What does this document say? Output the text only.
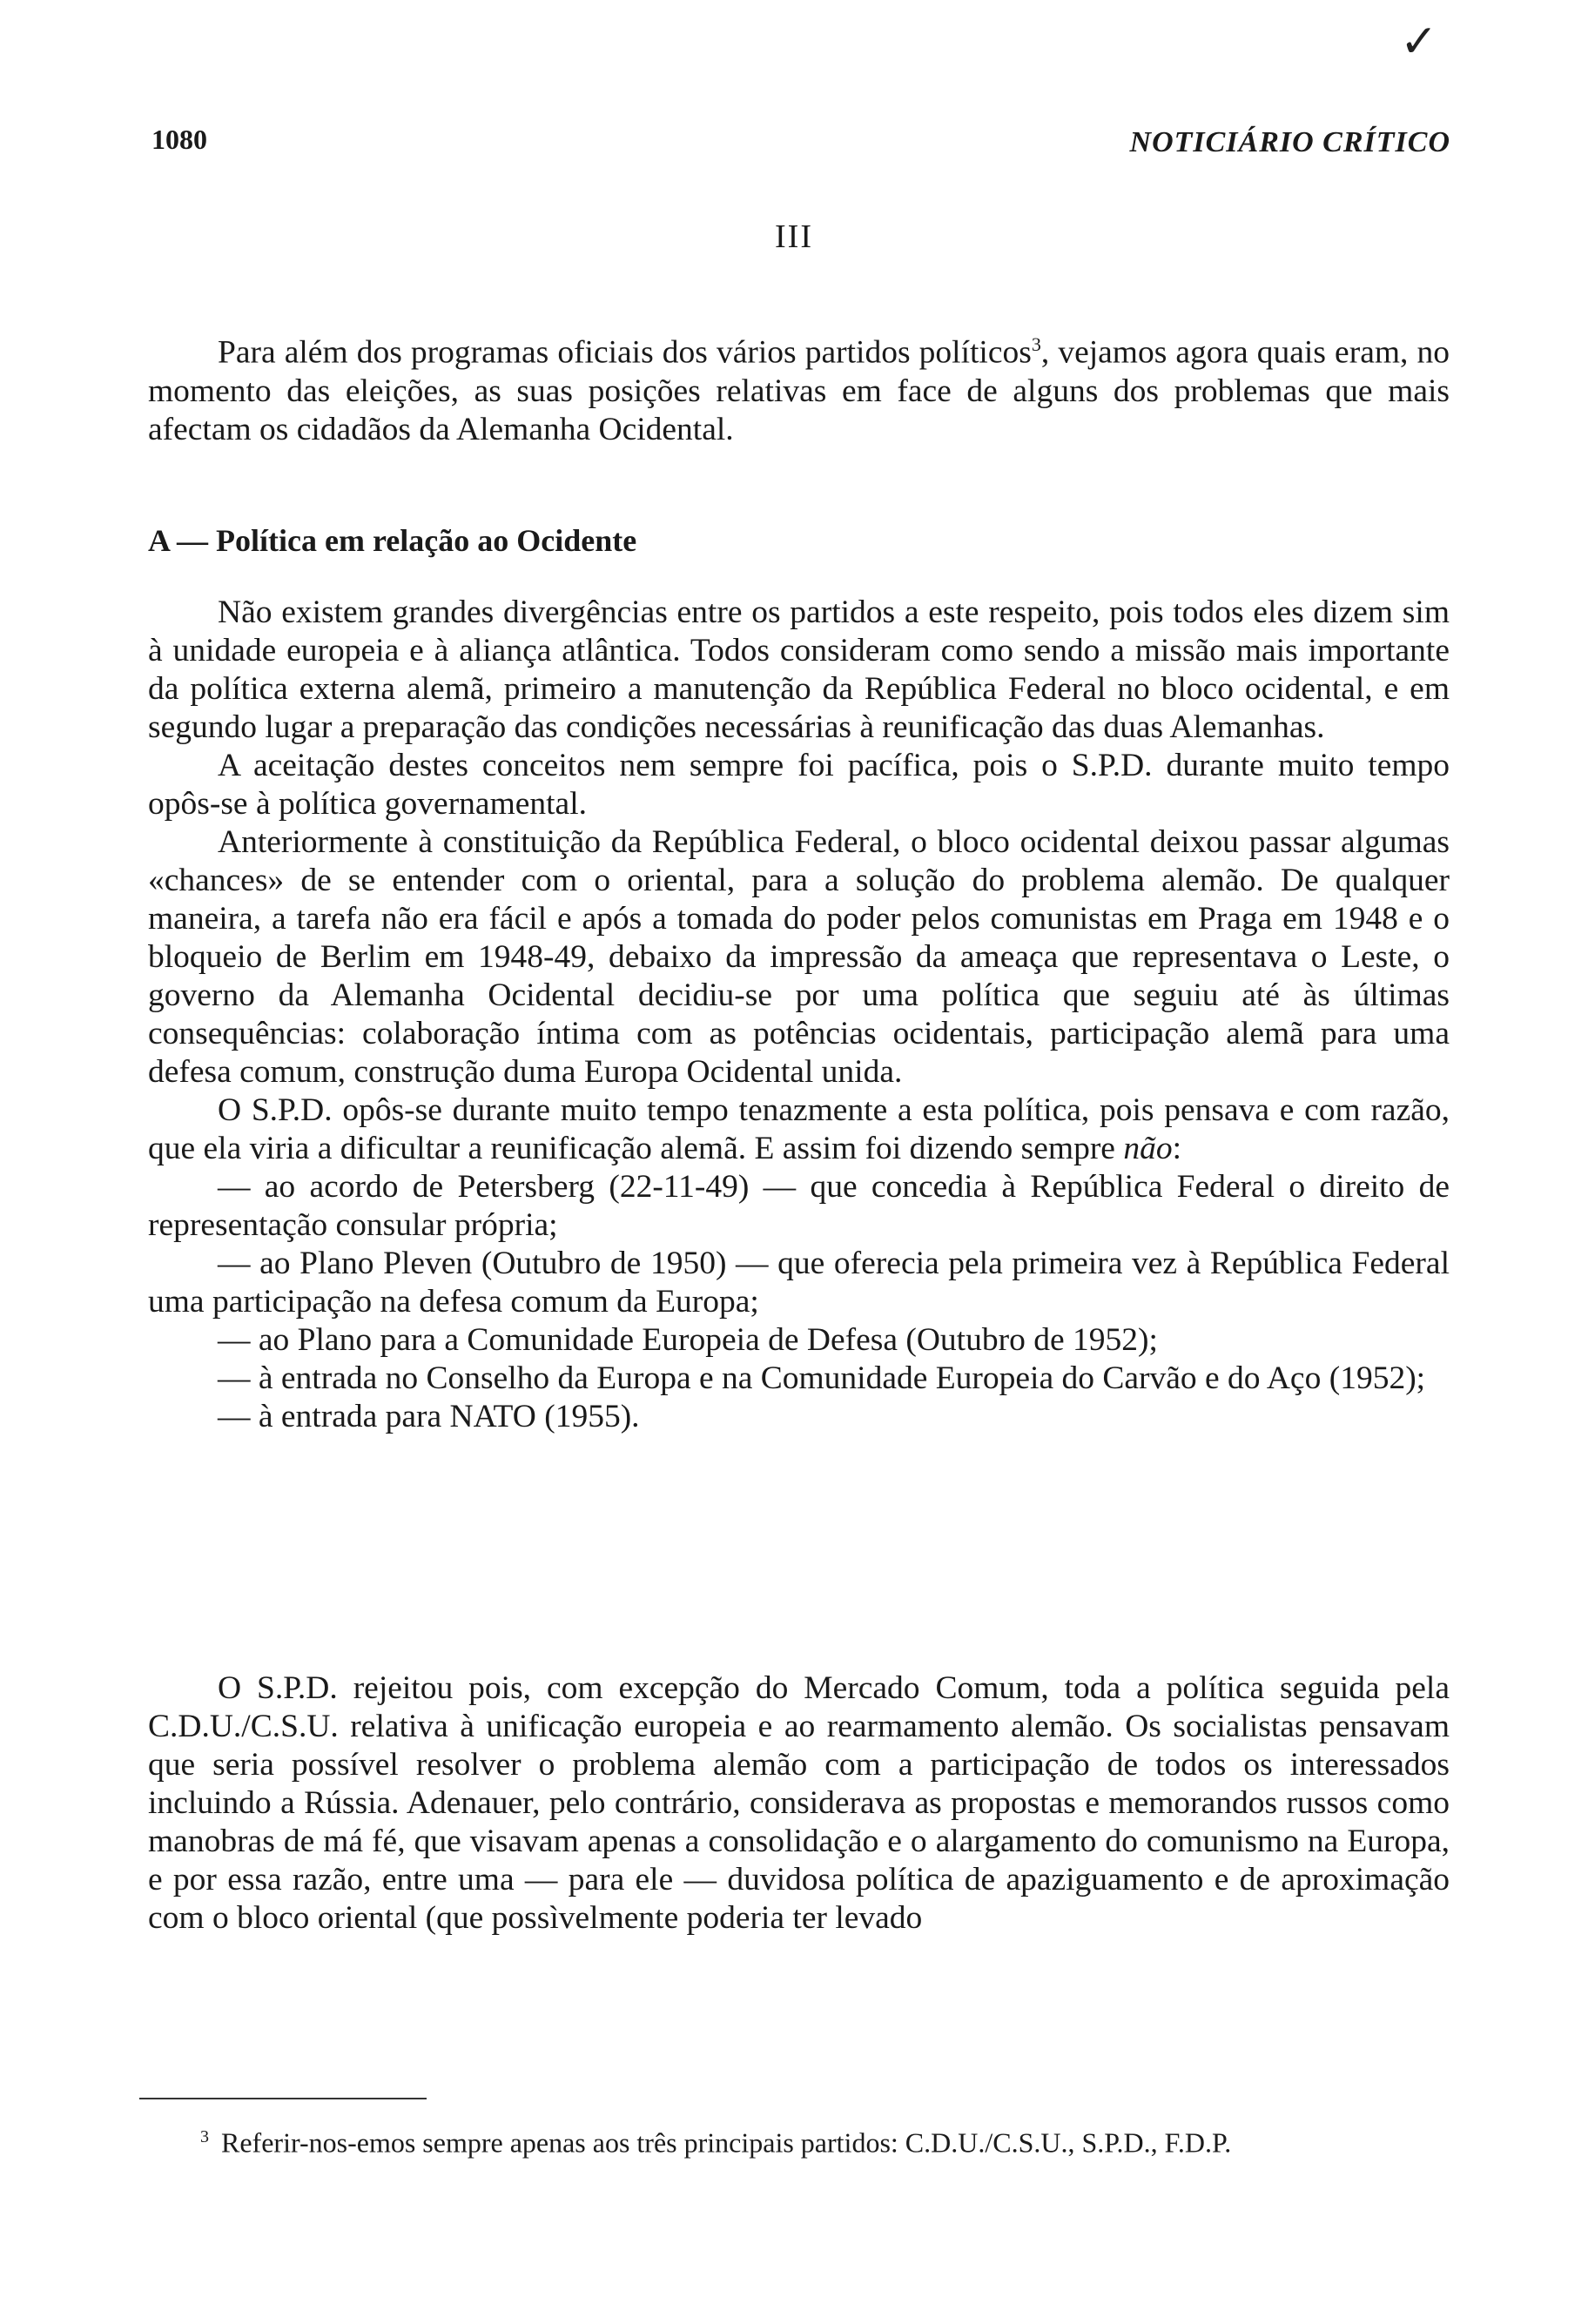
✓
1080	NOTICIÁRIO CRÍTICO
III

Para além dos programas oficiais dos vários partidos políticos$^3$, vejamos agora quais eram, no momento das eleições, as suas posições relativas em face de alguns dos problemas que mais afectam os cidadãos da Alemanha Ocidental.

A — Política em relação ao Ocidente

Não existem grandes divergências entre os partidos a este respeito, pois todos eles dizem sim à unidade europeia e à aliança atlântica. Todos consideram como sendo a missão mais importante da política externa alemã, primeiro a manutenção da República Federal no bloco ocidental, e em segundo lugar a preparação das condições necessárias à reunificação das duas Alemanhas.

A aceitação destes conceitos nem sempre foi pacífica, pois o S.P.D. durante muito tempo opôs-se à política governamental.

Anteriormente à constituição da República Federal, o bloco ocidental deixou passar algumas «chances» de se entender com o oriental, para a solução do problema alemão. De qualquer maneira, a tarefa não era fácil e após a tomada do poder pelos comunistas em Praga em 1948 e o bloqueio de Berlim em 1948-49, debaixo da impressão da ameaça que representava o Leste, o governo da Alemanha Ocidental decidiu-se por uma política que seguiu até às últimas consequências: colaboração íntima com as potências ocidentais, participação alemã para uma defesa comum, construção duma Europa Ocidental unida.

O S.P.D. opôs-se durante muito tempo tenazmente a esta política, pois pensava e com razão, que ela viria a dificultar a reunificação alemã. E assim foi dizendo sempre não:

— ao acordo de Petersberg (22-11-49) — que concedia à República Federal o direito de representação consular própria;

— ao Plano Pleven (Outubro de 1950) — que oferecia pela primeira vez à República Federal uma participação na defesa comum da Europa;

— ao Plano para a Comunidade Europeia de Defesa (Outubro de 1952);

— à entrada no Conselho da Europa e na Comunidade Europeia do Carvão e do Aço (1952);

— à entrada para NATO (1955).

O S.P.D. rejeitou pois, com excepção do Mercado Comum, toda a política seguida pela C.D.U./C.S.U. relativa à unificação europeia e ao rearmamento alemão. Os socialistas pensavam que seria possível resolver o problema alemão com a participação de todos os interessados incluindo a Rússia. Adenauer, pelo contrário, considerava as propostas e memorandos russos como manobras de má fé, que visavam apenas a consolidação e o alargamento do comunismo na Europa, e por essa razão, entre uma — para ele — duvidosa política de apaziguamento e de aproximação com o bloco oriental (que possìvelmente poderia ter levado

$^3$ Referir-nos-emos sempre apenas aos três principais partidos: C.D.U./C.S.U., S.P.D., F.D.P.
